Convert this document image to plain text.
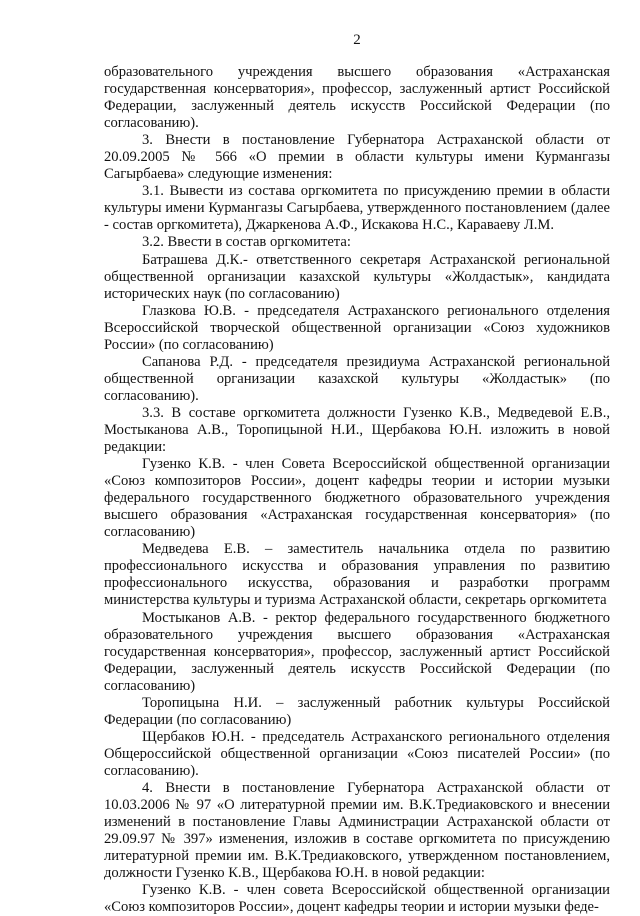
2

образовательного учреждения высшего образования «Астраханская государственная консерватория», профессор, заслуженный артист Российской Федерации, заслуженный деятель искусств Российской Федерации (по согласованию).

3. Внести в постановление Губернатора Астраханской области от 20.09.2005 № 566 «О премии в области культуры имени Курмангазы Сагырбаева» следующие изменения:

3.1. Вывести из состава оргкомитета по присуждению премии в области культуры имени Курмангазы Сагырбаева, утвержденного постановлением (далее - состав оргкомитета), Джаркенова А.Ф., Искакова Н.С., Караваеву Л.М.

3.2. Ввести в состав оргкомитета:

Батрашева Д.К.- ответственного секретаря Астраханской региональной общественной организации казахской культуры «Жолдастык», кандидата исторических наук (по согласованию)

Глазкова Ю.В. - председателя Астраханского регионального отделения Всероссийской творческой общественной организации «Союз художников России» (по согласованию)

Сапанова Р.Д. - председателя президиума Астраханской региональной общественной организации казахской культуры «Жолдастык» (по согласованию).

3.3. В составе оргкомитета должности Гузенко К.В., Медведевой Е.В., Мостыканова А.В., Торопицыной Н.И., Щербакова Ю.Н. изложить в новой редакции:

Гузенко К.В. - член Совета Всероссийской общественной организации «Союз композиторов России», доцент кафедры теории и истории музыки федерального государственного бюджетного образовательного учреждения высшего образования «Астраханская государственная консерватория» (по согласованию)

Медведева Е.В. – заместитель начальника отдела по развитию профессионального искусства и образования управления по развитию профессионального искусства, образования и разработки программ министерства культуры и туризма Астраханской области, секретарь оргкомитета

Мостыканов А.В. - ректор федерального государственного бюджетного образовательного учреждения высшего образования «Астраханская государственная консерватория», профессор, заслуженный артист Российской Федерации, заслуженный деятель искусств Российской Федерации (по согласованию)

Торопицына Н.И. – заслуженный работник культуры Российской Федерации (по согласованию)

Щербаков Ю.Н. - председатель Астраханского регионального отделения Общероссийской общественной организации «Союз писателей России» (по согласованию).

4. Внести в постановление Губернатора Астраханской области от 10.03.2006 № 97 «О литературной премии им. В.К.Тредиаковского и внесении изменений в постановление Главы Администрации Астраханской области от 29.09.97 № 397» изменения, изложив в составе оргкомитета по присуждению литературной премии им. В.К.Тредиаковского, утвержденном постановлением, должности Гузенко К.В., Щербакова Ю.Н. в новой редакции:

Гузенко К.В. - член совета Всероссийской общественной организации «Союз композиторов России», доцент кафедры теории и истории музыки феде-
